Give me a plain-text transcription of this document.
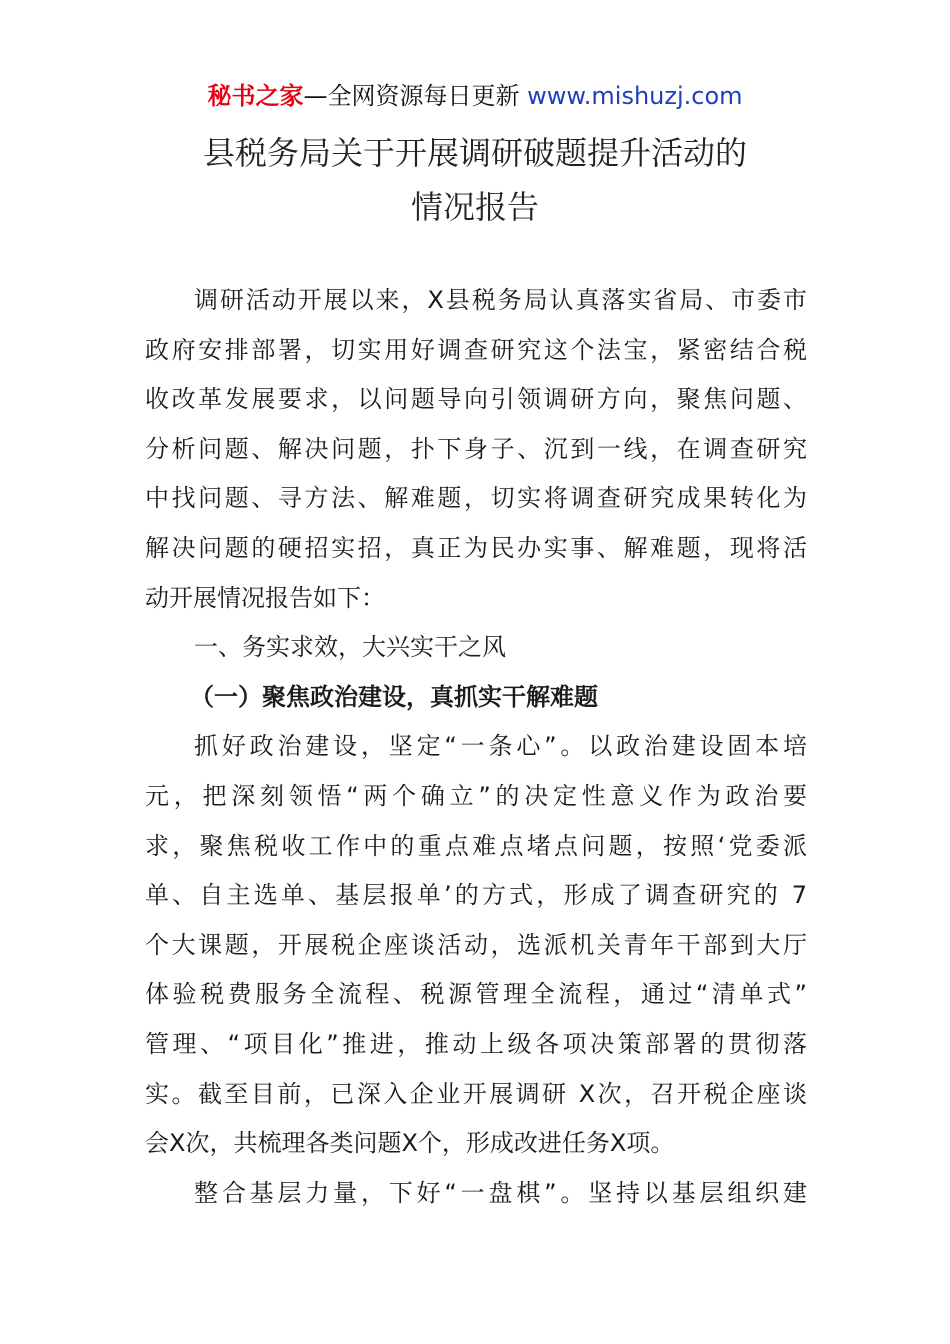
秘书之家—全网资源每日更新 www.mishuzj.com
县税务局关于开展调研破题提升活动的
情况报告
调研活动开展以来，X县税务局认真落实省局、市委市
政府安排部署，切实用好调查研究这个法宝，紧密结合税
收改革发展要求，以问题导向引领调研方向，聚焦问题、
分析问题、解决问题，扑下身子、沉到一线，在调查研究
中找问题、寻方法、解难题，切实将调查研究成果转化为
解决问题的硬招实招，真正为民办实事、解难题，现将活
动开展情况报告如下：
一、务实求效，大兴实干之风
（一）聚焦政治建设，真抓实干解难题
抓好政治建设，坚定“一条心”。以政治建设固本培
元，把深刻领悟“两个确立”的决定性意义作为政治要
求，聚焦税收工作中的重点难点堵点问题，按照‘党委派
单、自主选单、基层报单’的方式，形成了调查研究的 7
个大课题，开展税企座谈活动，选派机关青年干部到大厅
体验税费服务全流程、税源管理全流程，通过“清单式”
管理、“项目化”推进，推动上级各项决策部署的贯彻落
实。截至目前，已深入企业开展调研 X次，召开税企座谈
会X次，共梳理各类问题X个，形成改进任务X项。
整合基层力量，下好“一盘棋”。坚持以基层组织建
